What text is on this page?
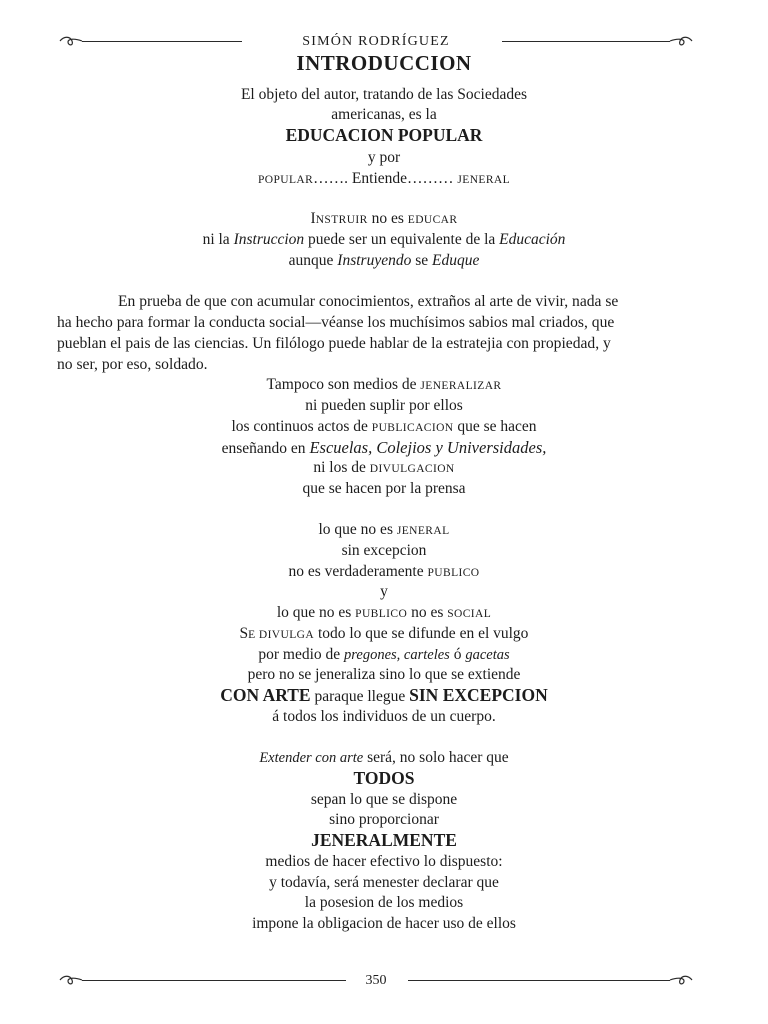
SIMÓN RODRÍGUEZ
INTRODUCCION
El objeto del autor, tratando de las Sociedades
americanas, es la
EDUCACION POPULAR
y por
POPULAR……. Entiende……… JENERAL
INSTRUIR no es EDUCAR
ni la Instruccion puede ser un equivalente de la Educación
aunque Instruyendo se Eduque
En prueba de que con acumular conocimientos, extraños al arte de vivir, nada se
ha hecho para formar la conducta social—véanse los muchísimos sabios mal criados, que
pueblan el pais de las ciencias. Un filólogo puede hablar de la estratejia con propiedad, y
no ser, por eso, soldado.
Tampoco son medios de JENERALIZAR
ni pueden suplir por ellos
los continuos actos de PUBLICACION que se hacen
enseñando en Escuelas, Colejios y Universidades,
ni los de DIVULGACION
que se hacen por la prensa
lo que no es JENERAL
sin excepcion
no es verdaderamente PUBLICO
y
lo que no es PUBLICO no es SOCIAL
SE DIVULGA todo lo que se difunde en el vulgo
por medio de pregones, carteles ó gacetas
pero no se jeneraliza sino lo que se extiende
CON ARTE paraque llegue SIN EXCEPCION
á todos los individuos de un cuerpo.
Extender con arte será, no solo hacer que
TODOS
sepan lo que se dispone
sino proporcionar
JENERALMENTE
medios de hacer efectivo lo dispuesto:
y todavía, será menester declarar que
la posesion de los medios
impone la obligacion de hacer uso de ellos
350
